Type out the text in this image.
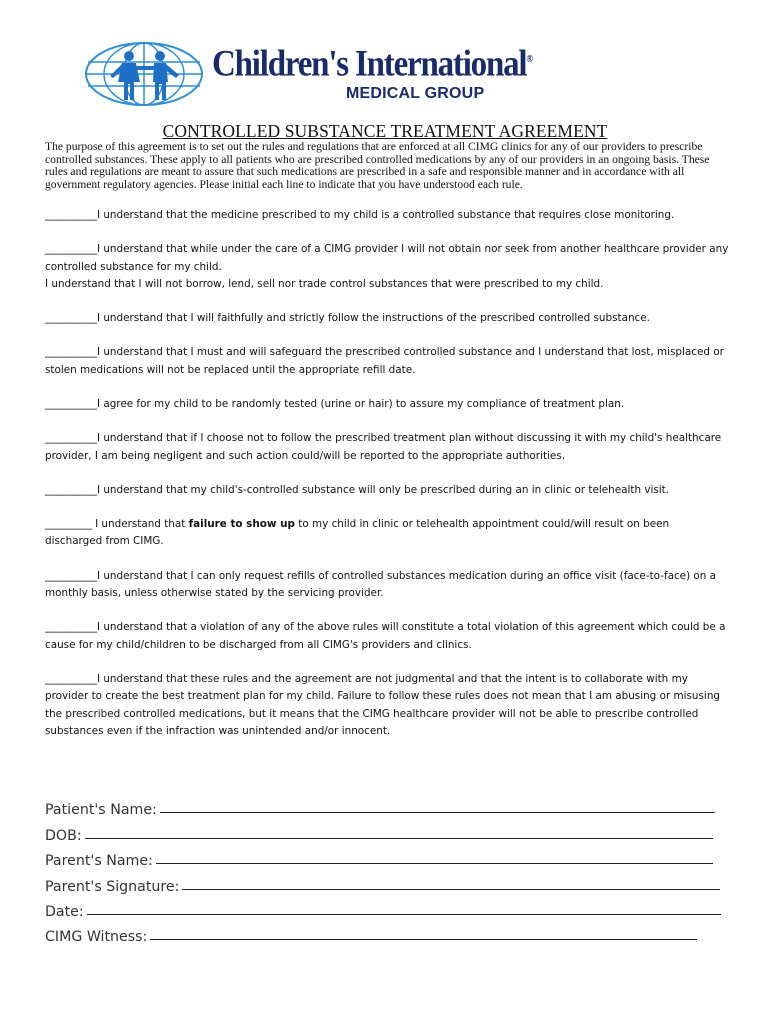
Children's International®
MEDICAL GROUP
CONTROLLED SUBSTANCE TREATMENT AGREEMENT
The purpose of this agreement is to set out the rules and regulations that are enforced at all CIMG clinics for any of our providers to prescribe controlled substances. These apply to all patients who are prescribed controlled medications by any of our providers in an ongoing basis. These rules and regulations are meant to assure that such medications are prescribed in a safe and responsible manner and in accordance with all government regulatory agencies. Please initial each line to indicate that you have understood each rule.
__________I understand that the medicine prescribed to my child is a controlled substance that requires close monitoring.
__________I understand that while under the care of a CIMG provider I will not obtain nor seek from another healthcare provider any controlled substance for my child.
I understand that I will not borrow, lend, sell nor trade control substances that were prescribed to my child.
__________I understand that I will faithfully and strictly follow the instructions of the prescribed controlled substance.
__________I understand that I must and will safeguard the prescribed controlled substance and I understand that lost, misplaced or stolen medications will not be replaced until the appropriate refill date.
__________I agree for my child to be randomly tested (urine or hair) to assure my compliance of treatment plan.
__________I understand that if I choose not to follow the prescribed treatment plan without discussing it with my child's healthcare provider, I am being negligent and such action could/will be reported to the appropriate authorities.
__________I understand that my child's-controlled substance will only be prescribed during an in clinic or telehealth visit.
_________ I understand that failure to show up to my child in clinic or telehealth appointment could/will result on been discharged from CIMG.
__________I understand that I can only request refills of controlled substances medication during an office visit (face-to-face) on a monthly basis, unless otherwise stated by the servicing provider.
__________I understand that a violation of any of the above rules will constitute a total violation of this agreement which could be a cause for my child/children to be discharged from all CIMG's providers and clinics.
__________I understand that these rules and the agreement are not judgmental and that the intent is to collaborate with my provider to create the best treatment plan for my child. Failure to follow these rules does not mean that I am abusing or misusing the prescribed controlled medications, but it means that the CIMG healthcare provider will not be able to prescribe controlled substances even if the infraction was unintended and/or innocent.
Patient's Name:
DOB:
Parent's Name:
Parent's Signature:
Date:
CIMG Witness:
